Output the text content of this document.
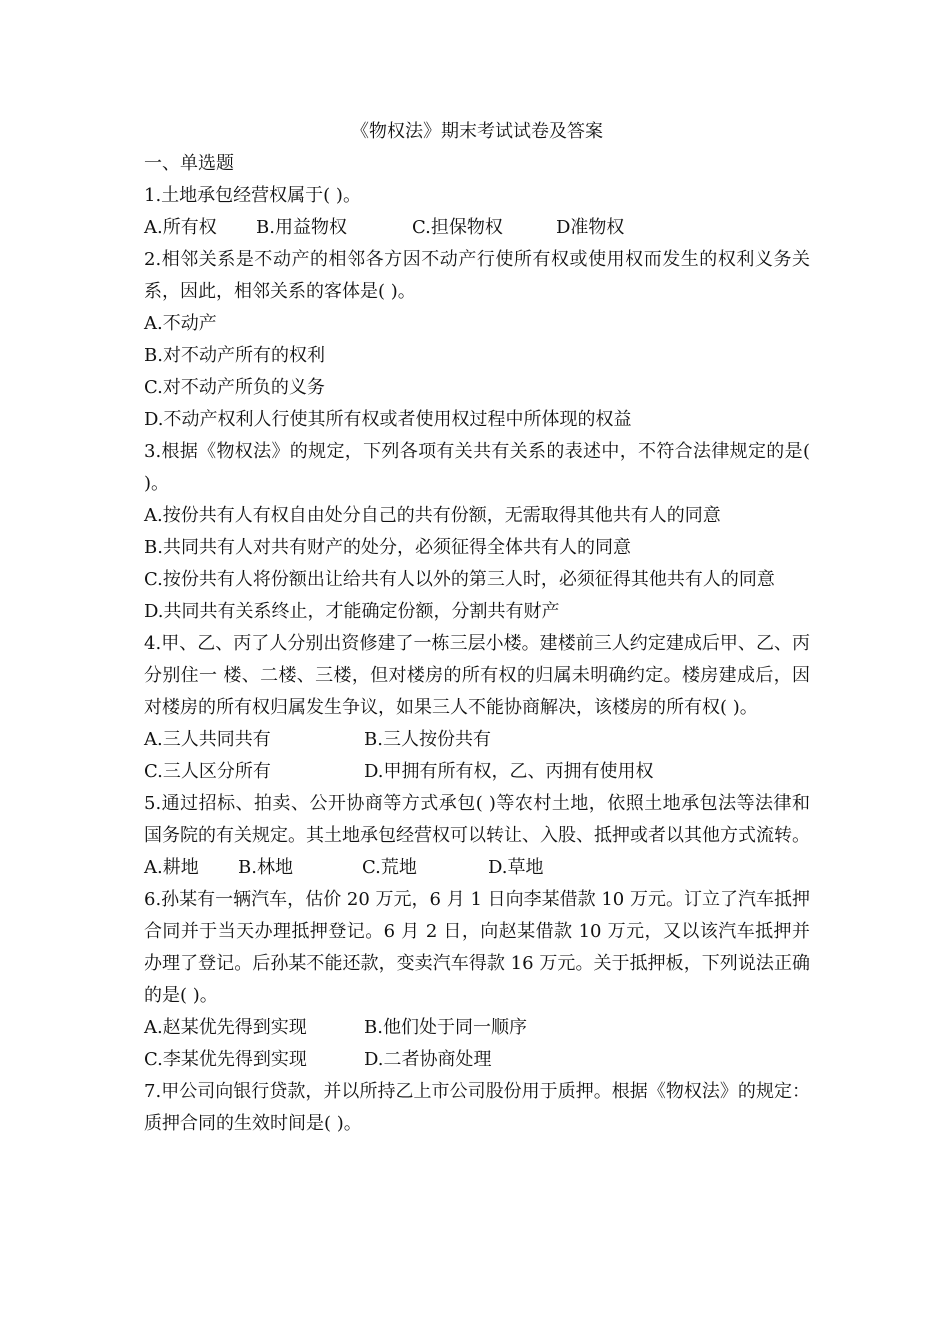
《物权法》期末考试试卷及答案
一、单选题
1.土地承包经营权属于( )。
A.所有权	B.用益物权	C.担保物权	D准物权
2.相邻关系是不动产的相邻各方因不动产行使所有权或使用权而发生的权利义务关系，因此，相邻关系的客体是( )。
A.不动产
B.对不动产所有的权利
C.对不动产所负的义务
D.不动产权利人行使其所有权或者使用权过程中所体现的权益
3.根据《物权法》的规定，下列各项有关共有关系的表述中，不符合法律规定的是( )。
A.按份共有人有权自由处分自己的共有份额，无需取得其他共有人的同意
B.共同共有人对共有财产的处分，必须征得全体共有人的同意
C.按份共有人将份额出让给共有人以外的第三人时，必须征得其他共有人的同意
D.共同共有关系终止，才能确定份额，分割共有财产
4.甲、乙、丙了人分别出资修建了一栋三层小楼。建楼前三人约定建成后甲、乙、丙分别住一 楼、二楼、三楼，但对楼房的所有权的归属未明确约定。楼房建成后，因对楼房的所有权归属发生争议，如果三人不能协商解决，该楼房的所有权( )。
A.三人共同共有	B.三人按份共有
C.三人区分所有	D.甲拥有所有权，乙、丙拥有使用权
5.通过招标、拍卖、公开协商等方式承包( )等农村土地，依照土地承包法等法律和国务院的有关规定。其土地承包经营权可以转让、入股、抵押或者以其他方式流转。
A.耕地	B.林地	C.荒地	D.草地
6.孙某有一辆汽车，估价 20 万元，6 月 1 日向李某借款 10 万元。订立了汽车抵押合同并于当天办理抵押登记。6 月 2 日，向赵某借款 10 万元，又以该汽车抵押并办理了登记。后孙某不能还款，变卖汽车得款 16 万元。关于抵押板，下列说法正确的是( )。
A.赵某优先得到实现	B.他们处于同一顺序
C.李某优先得到实现	D.二者协商处理
7.甲公司向银行贷款，并以所持乙上市公司股份用于质押。根据《物权法》的规定：质押合同的生效时间是( )。
